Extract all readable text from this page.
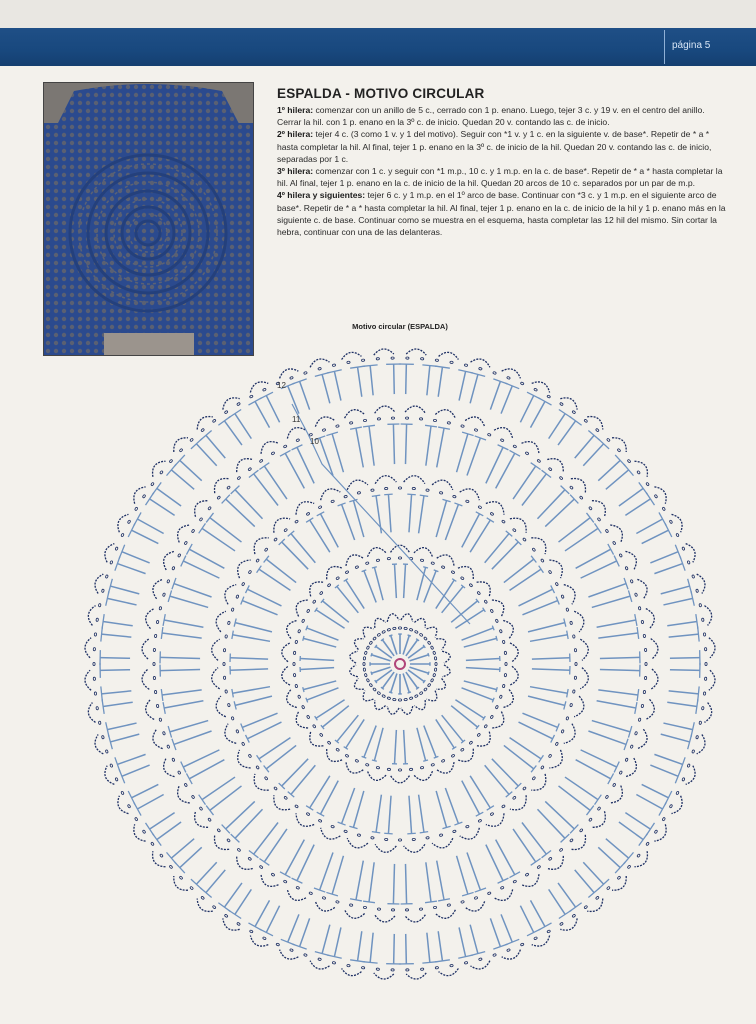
página 5
ESPALDA - MOTIVO CIRCULAR

1º hilera: comenzar con un anillo de 5 c., cerrado con 1 p. enano. Luego, tejer 3 c. y 19 v. en el centro del anillo. Cerrar la hil. con 1 p. enano en la 3º c. de inicio. Quedan 20 v. contando las c. de inicio.

2º hilera: tejer 4 c. (3 como 1 v. y 1 del motivo). Seguir con *1 v. y 1 c. en la siguiente v. de base*. Repetir de * a * hasta completar la hil. Al final, tejer 1 p. enano en la 3º c. de inicio de la hil. Quedan 20 v. contando las c. de inicio, separadas por 1 c.

3º hilera: comenzar con 1 c. y seguir con *1 m.p., 10 c. y 1 m.p. en la c. de base*. Repetir de * a * hasta completar la hil. Al final, tejer 1 p. enano en la c. de inicio de la hil. Quedan 20 arcos de 10 c. separados por un par de m.p.

4º hilera y siguientes: tejer 6 c. y 1 m.p. en el 1º arco de base. Continuar con *3 c. y 1 m.p. en el siguiente arco de base*. Repetir de * a * hasta completar la hil. Al final, tejer 1 p. enano en la c. de inicio de la hil y 1 p. enano más en la siguiente c. de base. Continuar como se muestra en el esquema, hasta completar las 12 hil del mismo. Sin cortar la hebra, continuar con una de las delanteras.

Motivo circular (ESPALDA)
12
11
10
